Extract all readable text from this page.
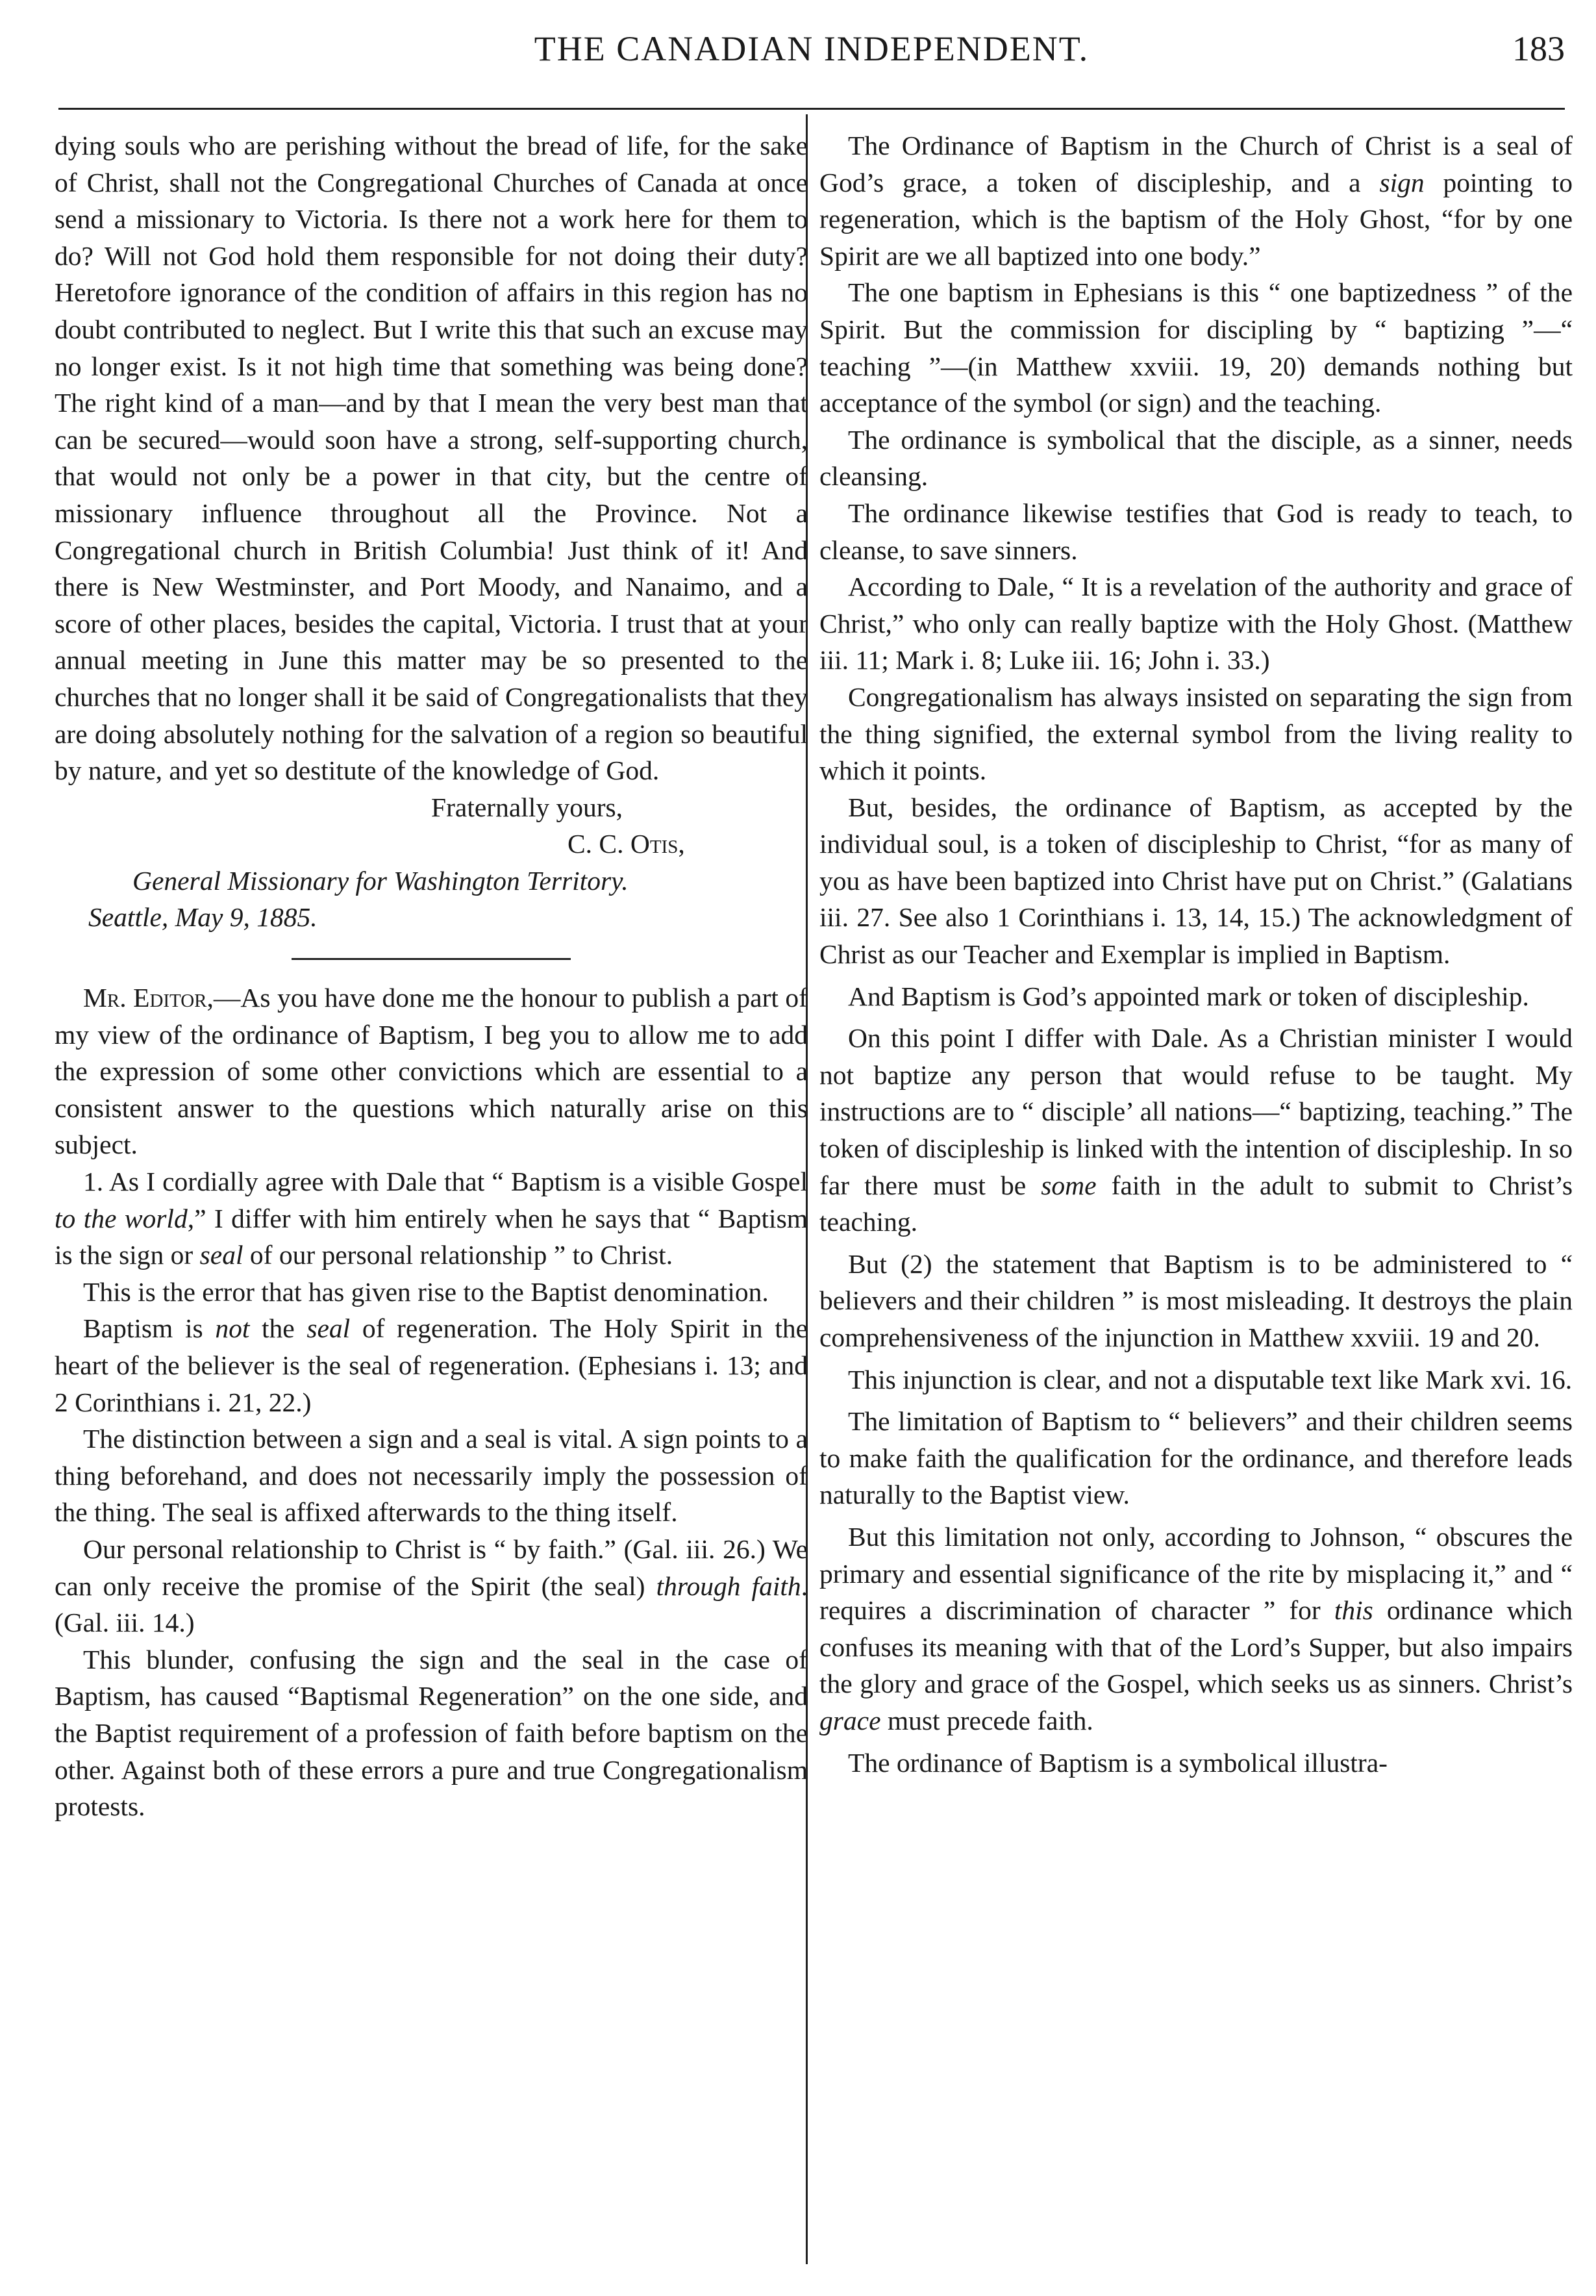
THE CANADIAN INDEPENDENT.	183

dying souls who are perishing without the bread of life, for the sake of Christ, shall not the Congregational Churches of Canada at once send a missionary to Victoria. Is there not a work here for them to do? Will not God hold them responsible for not doing their duty? Heretofore ignorance of the condition of affairs in this region has no doubt contributed to neglect. But I write this that such an excuse may no longer exist. Is it not high time that something was being done? The right kind of a man—and by that I mean the very best man that can be secured—would soon have a strong, self-supporting church, that would not only be a power in that city, but the centre of missionary influence throughout all the Province. Not a Congregational church in British Columbia! Just think of it! And there is New Westminster, and Port Moody, and Nanaimo, and a score of other places, besides the capital, Victoria. I trust that at your annual meeting in June this matter may be so presented to the churches that no longer shall it be said of Congregationalists that they are doing absolutely nothing for the salvation of a region so beautiful by nature, and yet so destitute of the knowledge of God.

Fraternally yours,
C. C. Otis,
General Missionary for Washington Territory.
Seattle, May 9, 1885.

Mr. Editor,—As you have done me the honour to publish a part of my view of the ordinance of Baptism, I beg you to allow me to add the expression of some other convictions which are essential to a consistent answer to the questions which naturally arise on this subject.

1. As I cordially agree with Dale that “ Baptism is a visible Gospel to the world,” I differ with him entirely when he says that “ Baptism is the sign or seal of our personal relationship ” to Christ.

This is the error that has given rise to the Baptist denomination.

Baptism is not the seal of regeneration. The Holy Spirit in the heart of the believer is the seal of regeneration. (Ephesians i. 13; and 2 Corinthians i. 21, 22.)

The distinction between a sign and a seal is vital. A sign points to a thing beforehand, and does not necessarily imply the possession of the thing. The seal is affixed afterwards to the thing itself.

Our personal relationship to Christ is “ by faith.” (Gal. iii. 26.) We can only receive the promise of the Spirit (the seal) through faith. (Gal. iii. 14.)

This blunder, confusing the sign and the seal in the case of Baptism, has caused “Baptismal Regeneration” on the one side, and the Baptist requirement of a profession of faith before baptism on the other. Against both of these errors a pure and true Congregationalism protests.

The Ordinance of Baptism in the Church of Christ is a seal of God’s grace, a token of discipleship, and a sign pointing to regeneration, which is the baptism of the Holy Ghost, “for by one Spirit are we all baptized into one body.”

The one baptism in Ephesians is this “ one baptizedness ” of the Spirit. But the commission for discipling by “ baptizing ”—“ teaching ”—(in Matthew xxviii. 19, 20) demands nothing but acceptance of the symbol (or sign) and the teaching.

The ordinance is symbolical that the disciple, as a sinner, needs cleansing.

The ordinance likewise testifies that God is ready to teach, to cleanse, to save sinners.

According to Dale, “ It is a revelation of the authority and grace of Christ,” who only can really baptize with the Holy Ghost. (Matthew iii. 11; Mark i. 8; Luke iii. 16; John i. 33.)

Congregationalism has always insisted on separating the sign from the thing signified, the external symbol from the living reality to which it points.

But, besides, the ordinance of Baptism, as accepted by the individual soul, is a token of discipleship to Christ, “for as many of you as have been baptized into Christ have put on Christ.” (Galatians iii. 27. See also 1 Corinthians i. 13, 14, 15.) The acknowledgment of Christ as our Teacher and Exemplar is implied in Baptism.

And Baptism is God’s appointed mark or token of discipleship.

On this point I differ with Dale. As a Christian minister I would not baptize any person that would refuse to be taught. My instructions are to “ disciple’ all nations—“ baptizing, teaching.” The token of discipleship is linked with the intention of discipleship. In so far there must be some faith in the adult to submit to Christ’s teaching.

But (2) the statement that Baptism is to be administered to “ believers and their children ” is most misleading. It destroys the plain comprehensiveness of the injunction in Matthew xxviii. 19 and 20.

This injunction is clear, and not a disputable text like Mark xvi. 16.

The limitation of Baptism to “ believers” and their children seems to make faith the qualification for the ordinance, and therefore leads naturally to the Baptist view.

But this limitation not only, according to Johnson, “ obscures the primary and essential significance of the rite by misplacing it,” and “ requires a discrimination of character ” for this ordinance which confuses its meaning with that of the Lord’s Supper, but also impairs the glory and grace of the Gospel, which seeks us as sinners. Christ’s grace must precede faith.

The ordinance of Baptism is a symbolical illustra-
